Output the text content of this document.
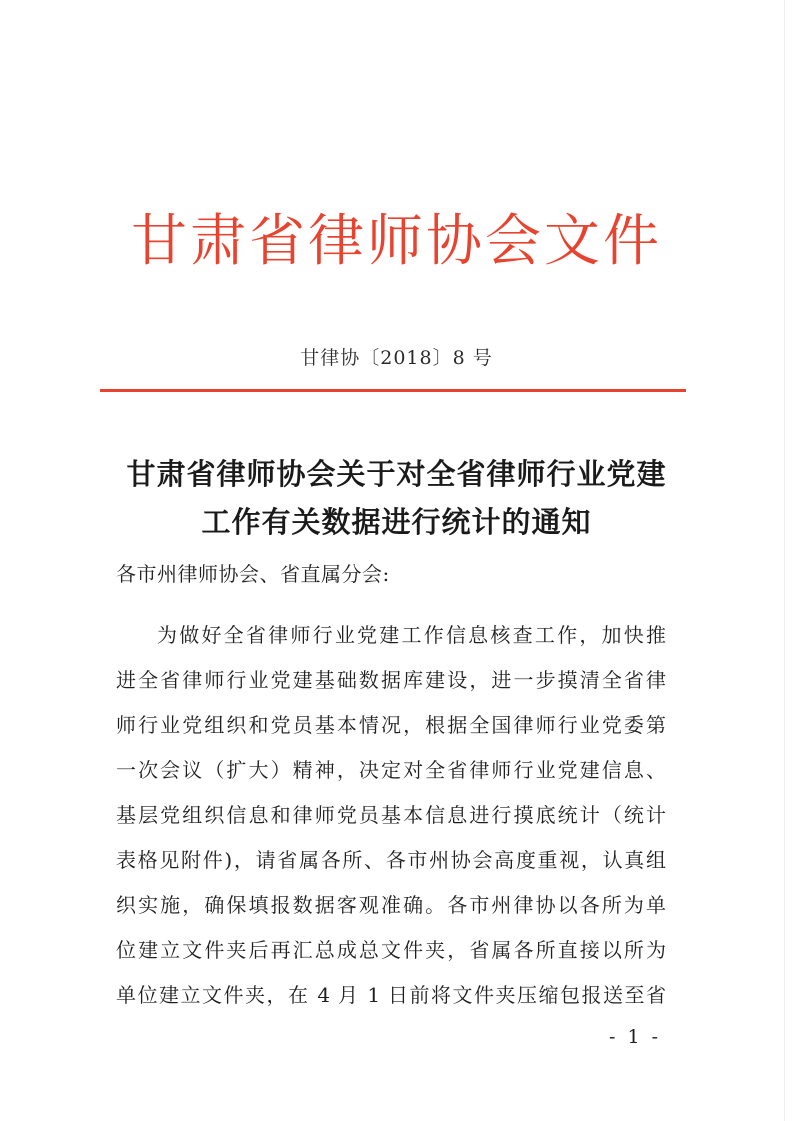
甘肃省律师协会文件
甘律协〔2018〕8 号
甘肃省律师协会关于对全省律师行业党建
工作有关数据进行统计的通知
各市州律师协会、省直属分会:
为做好全省律师行业党建工作信息核查工作，加快推
进全省律师行业党建基础数据库建设，进一步摸清全省律
师行业党组织和党员基本情况，根据全国律师行业党委第
一次会议（扩大）精神，决定对全省律师行业党建信息、
基层党组织信息和律师党员基本信息进行摸底统计（统计
表格见附件)，请省属各所、各市州协会高度重视，认真组
织实施，确保填报数据客观准确。各市州律协以各所为单
位建立文件夹后再汇总成总文件夹，省属各所直接以所为
单位建立文件夹，在 4 月 1 日前将文件夹压缩包报送至省
- 1 -
